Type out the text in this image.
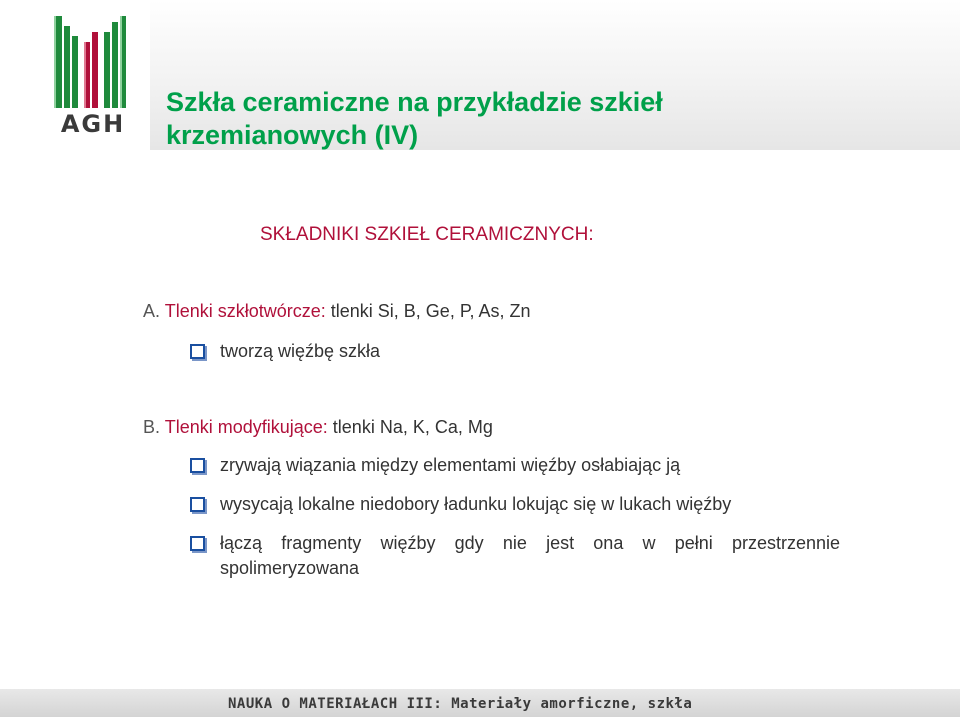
AGH
Szkła ceramiczne na przykładzie szkieł
krzemianowych (IV)

SKŁADNIKI SZKIEŁ CERAMICZNYCH:

A. Tlenki szkłotwórcze: tlenki Si, B, Ge, P, As, Zn

tworzą więźbę szkła

B. Tlenki modyfikujące: tlenki Na, K, Ca, Mg

zrywają wiązania między elementami więźby osłabiając ją
wysycają lokalne niedobory ładunku lokując się w lukach więźby
łączą fragmenty więźby gdy nie jest ona w pełni przestrzennie spolimeryzowana
NAUKA O MATERIAŁACH III: Materiały amorficzne, szkła
